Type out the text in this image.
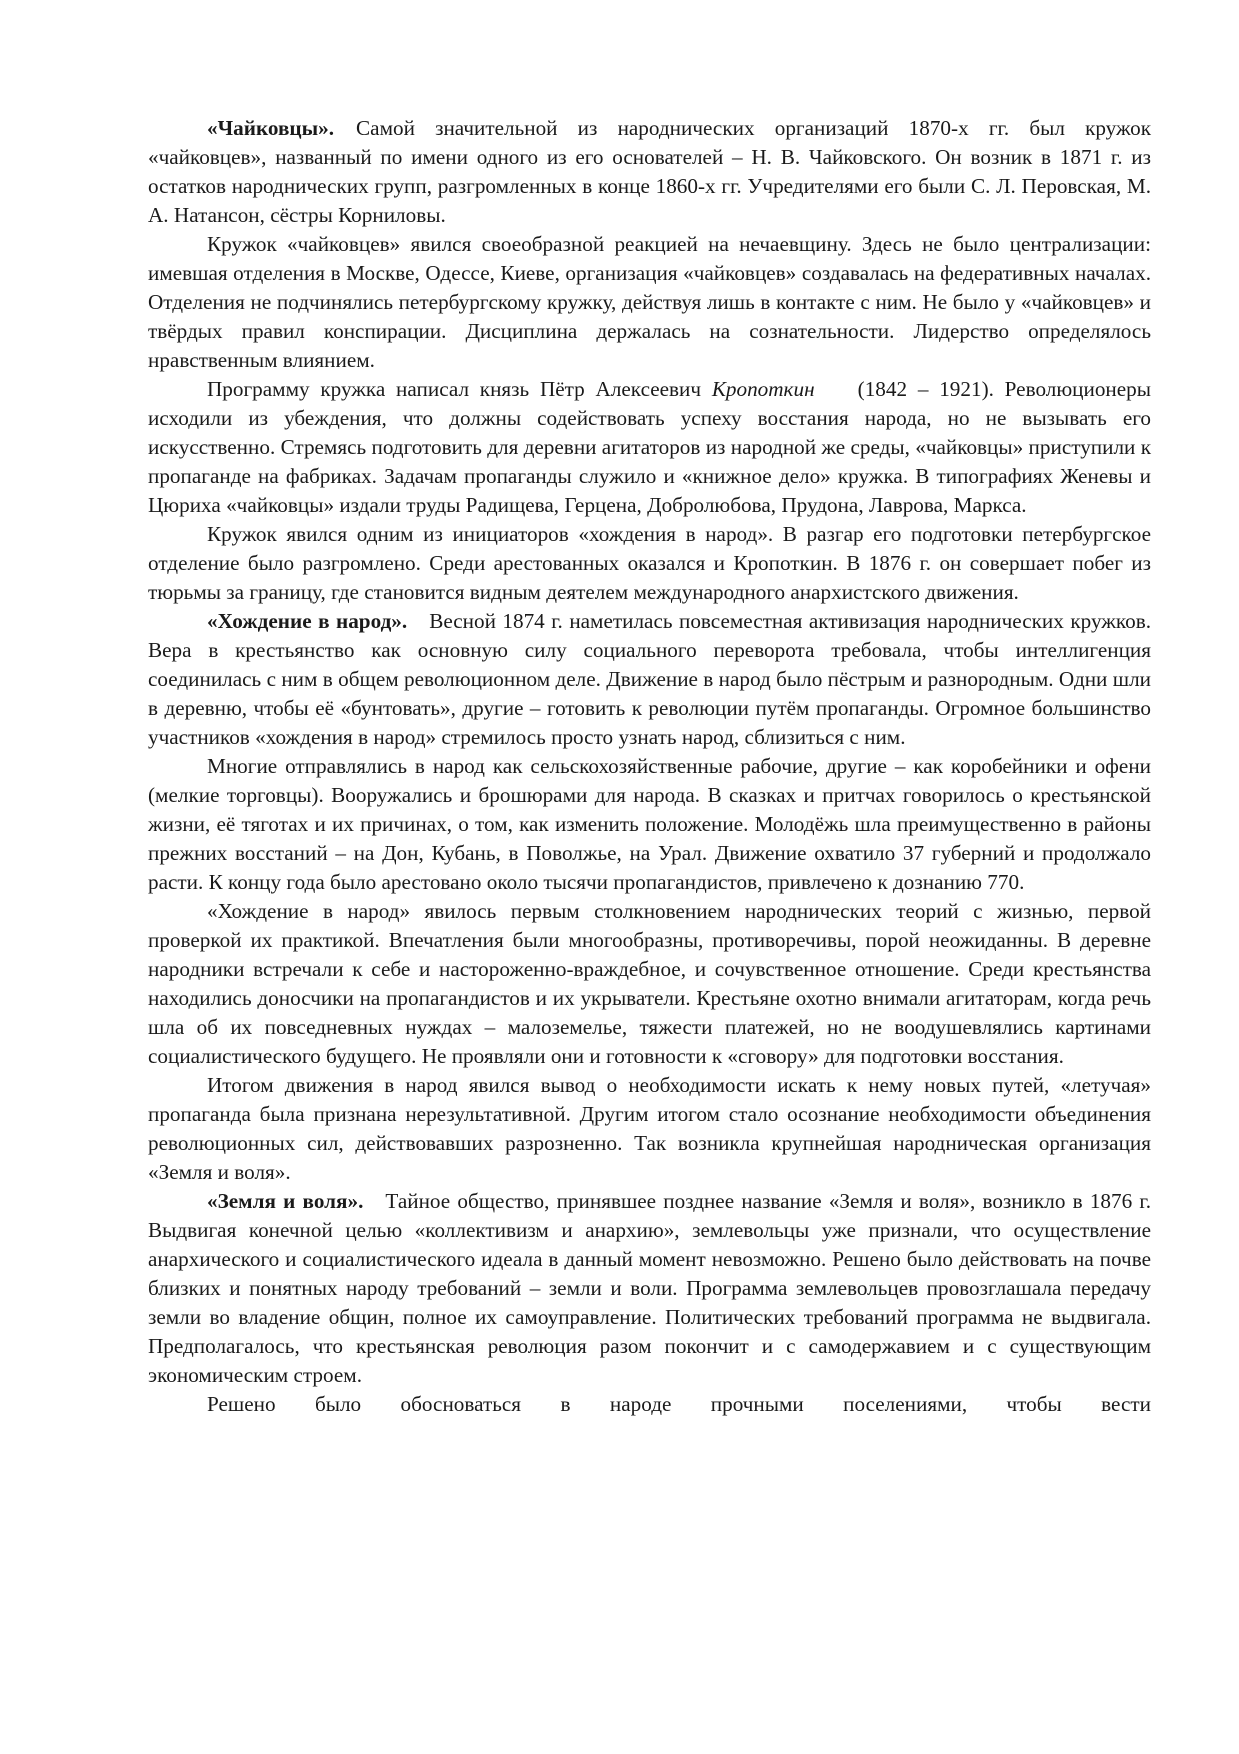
«Чайковцы». Самой значительной из народнических организаций 1870-х гг. был кружок «чайковцев», названный по имени одного из его основателей – Н. В. Чайковского. Он возник в 1871 г. из остатков народнических групп, разгромленных в конце 1860-х гг. Учредителями его были С. Л. Перовская, М. А. Натансон, сёстры Корниловы.

Кружок «чайковцев» явился своеобразной реакцией на нечаевщину. Здесь не было централизации: имевшая отделения в Москве, Одессе, Киеве, организация «чайковцев» создавалась на федеративных началах. Отделения не подчинялись петербургскому кружку, действуя лишь в контакте с ним. Не было у «чайковцев» и твёрдых правил конспирации. Дисциплина держалась на сознательности. Лидерство определялось нравственным влиянием.

Программу кружка написал князь Пётр Алексеевич Кропоткин (1842 – 1921). Революционеры исходили из убеждения, что должны содействовать успеху восстания народа, но не вызывать его искусственно. Стремясь подготовить для деревни агитаторов из народной же среды, «чайковцы» приступили к пропаганде на фабриках. Задачам пропаганды служило и «книжное дело» кружка. В типографиях Женевы и Цюриха «чайковцы» издали труды Радищева, Герцена, Добролюбова, Прудона, Лаврова, Маркса.

Кружок явился одним из инициаторов «хождения в народ». В разгар его подготовки петербургское отделение было разгромлено. Среди арестованных оказался и Кропоткин. В 1876 г. он совершает побег из тюрьмы за границу, где становится видным деятелем международного анархистского движения.

«Хождение в народ». Весной 1874 г. наметилась повсеместная активизация народнических кружков. Вера в крестьянство как основную силу социального переворота требовала, чтобы интеллигенция соединилась с ним в общем революционном деле. Движение в народ было пёстрым и разнородным. Одни шли в деревню, чтобы её «бунтовать», другие – готовить к революции путём пропаганды. Огромное большинство участников «хождения в народ» стремилось просто узнать народ, сблизиться с ним.

Многие отправлялись в народ как сельскохозяйственные рабочие, другие – как коробейники и офени (мелкие торговцы). Вооружались и брошюрами для народа. В сказках и притчах говорилось о крестьянской жизни, её тяготах и их причинах, о том, как изменить положение. Молодёжь шла преимущественно в районы прежних восстаний – на Дон, Кубань, в Поволжье, на Урал. Движение охватило 37 губерний и продолжало расти. К концу года было арестовано около тысячи пропагандистов, привлечено к дознанию 770.

«Хождение в народ» явилось первым столкновением народнических теорий с жизнью, первой проверкой их практикой. Впечатления были многообразны, противоречивы, порой неожиданны. В деревне народники встречали к себе и настороженно-враждебное, и сочувственное отношение. Среди крестьянства находились доносчики на пропагандистов и их укрыватели. Крестьяне охотно внимали агитаторам, когда речь шла об их повседневных нуждах – малоземелье, тяжести платежей, но не воодушевлялись картинами социалистического будущего. Не проявляли они и готовности к «сговору» для подготовки восстания.

Итогом движения в народ явился вывод о необходимости искать к нему новых путей, «летучая» пропаганда была признана нерезультативной. Другим итогом стало осознание необходимости объединения революционных сил, действовавших разрозненно. Так возникла крупнейшая народническая организация «Земля и воля».

«Земля и воля». Тайное общество, принявшее позднее название «Земля и воля», возникло в 1876 г. Выдвигая конечной целью «коллективизм и анархию», землевольцы уже признали, что осуществление анархического и социалистического идеала в данный момент невозможно. Решено было действовать на почве близких и понятных народу требований – земли и воли. Программа землевольцев провозглашала передачу земли во владение общин, полное их самоуправление. Политических требований программа не выдвигала. Предполагалось, что крестьянская революция разом покончит и с самодержавием и с существующим экономическим строем.

Решено было обосноваться в народе прочными поселениями, чтобы вести
